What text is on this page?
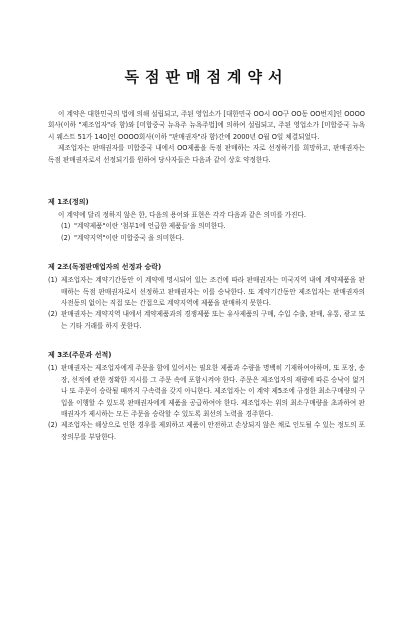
독점판매점계약서

이 계약은 대한민국의 법에 의해 설립되고, 주된 영업소가 [대한민국 OO시 OO구 OO동 OO번지]인 OOOO회사(이하 "제조업자"라 함)와 [미합중국 뉴욕주 뉴욕주법]에 의하여 설립되고, 주된 영업소가 [미합중국 뉴욕시 웨스트 51가 140]인 OOOO회사(이하 "판매권자"라 함)간에 2000년 O월 O일 체결되었다.

제조업자는 판매권자를 미합중국 내에서 OO제품을 독점 판매하는 자로 선정하기를 희망하고, 판매권자는 독점 판매권자로서 선정되기를 원하여 당사자들은 다음과 같이 상호 약정한다.

제 1조(정의)

이 계약에 달리 정하지 않은 한, 다음의 용어와 표현은 각각 다음과 같은 의미를 가진다.

(1) "계약제품"이란 '첨부1에 언급한 제품들'을 의미한다.
(2) "계약지역"이란 미합중국 을 의미한다.
제 2조(독점판매업자의 선정과 승락)
(1) 제조업자는 계약기간동안 이 계약에 명시되어 있는 조건에 따라 판매권자는 미국지역 내에 계약제품을 판매하는 독점 판매권자로서 선정하고 판매권자는 이를 승낙한다. 또 계약기간동안 제조업자는 판매권자의 사전동의 없이는 직접 또는 간접으로 계약지역에 제품을 판매하지 못한다.
(2) 판매권자는 계약지역 내에서 계약제품과의 경쟁제품 또는 유사제품의 구매, 수입 수출, 판매, 유통, 광고 또는 기타 거래를 하지 못한다.
제 3조(주문과 선적)
(1) 판매권자는 제조업자에게 주문을 함에 있어서는 필요한 제품과 수량을 명백히 기재하여야하며, 또 포장, 송장, 선적에 관한 정확한 지시를 그 주문 속에 포함시켜야 한다. 주문은 제조업자의 재량에 따른 승낙이 없거나 또 주문이 승락될 때까지 구속력을 갖지 아니한다. 제조업자는 이 계약 제5조에 규정한 최소구매량의 구입을 이행할 수 있도록 판매권자에게 제품을 공급하여야 한다. 제조업자는 위의 최소구매량을 초과하여 판매권자가 제시하는 모든 주문을 승락할 수 있도록 최선의 노력을 경주한다.
(2) 제조업자는 해상으로 인한 경우를 제외하고 제품이 안전하고 손상되지 않은 채로 인도될 수 있는 정도의 포장의무를 부담한다.
